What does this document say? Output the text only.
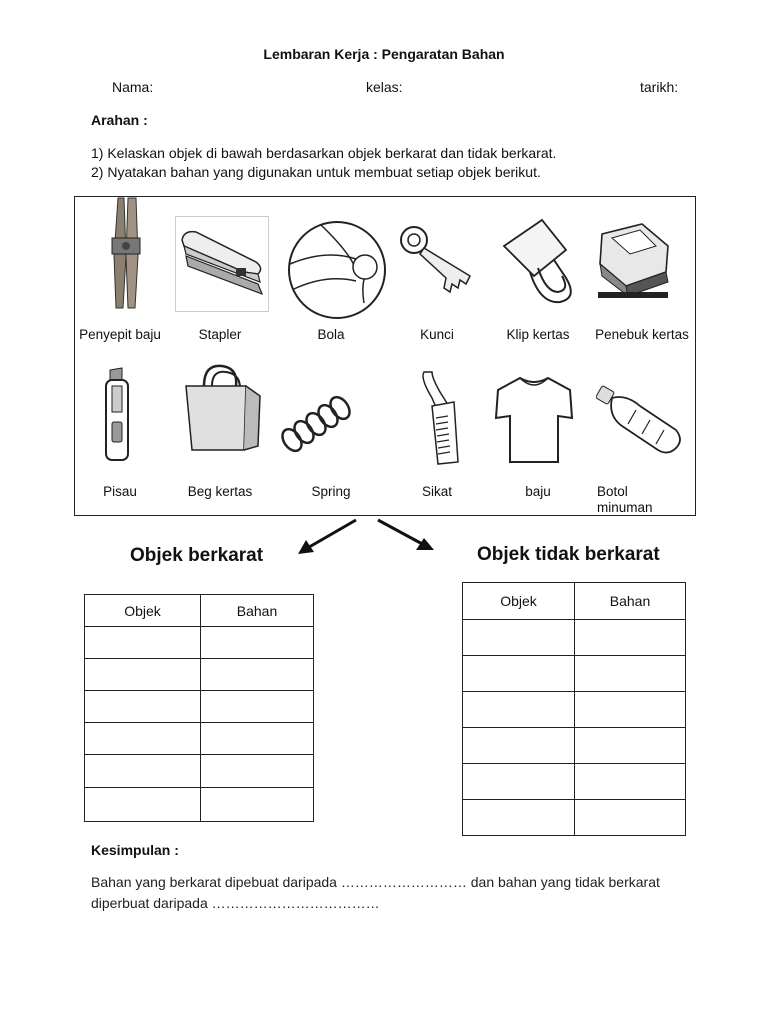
Lembaran Kerja : Pengaratan Bahan
Nama:	kelas:	tarikh:
Arahan :
1) Kelaskan objek di bawah berdasarkan objek berkarat dan tidak berkarat.
2) Nyatakan bahan yang digunakan untuk membuat setiap objek berikut.
Penyepit baju	Stapler	Bola	Kunci	Klip kertas	Penebuk kertas
Pisau	Beg kertas	Spring	Sikat	baju	Botol minuman
Objek berkarat	Objek tidak berkarat
Objek	Bahan

Objek	Bahan

Kesimpulan :
Bahan yang berkarat dipebuat daripada ……………………… dan bahan yang tidak berkarat diperbuat daripada ………………………………
